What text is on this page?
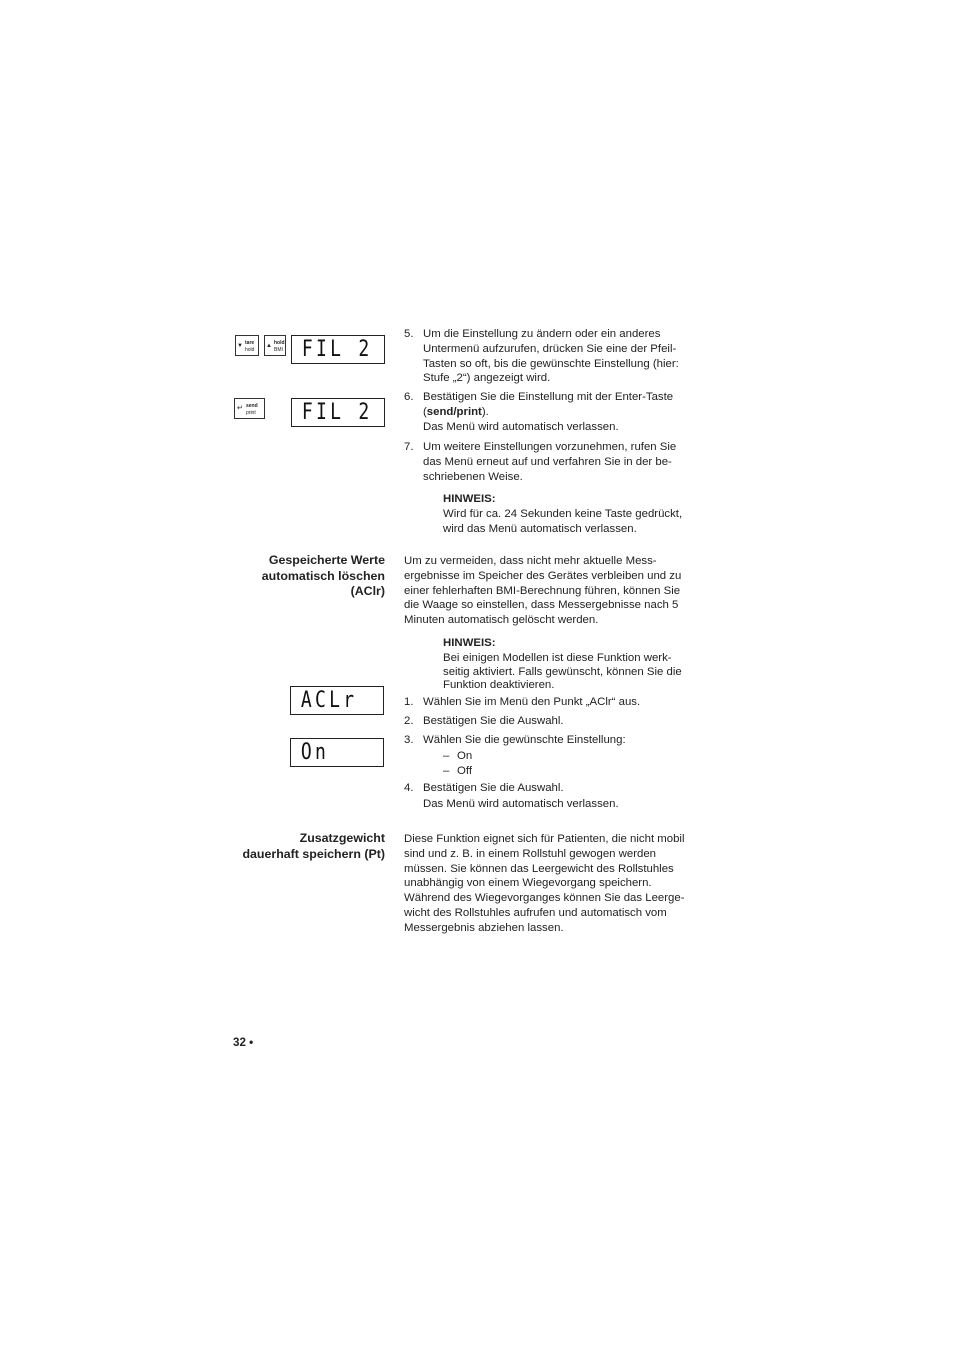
▼ tare
hold
▲ hold
BMI FIL 2
↵ send
print	FIL 2
ACLr
On
5. Um die Einstellung zu ändern oder ein anderes
Untermenü aufzurufen, drücken Sie eine der Pfeil-
Tasten so oft, bis die gewünschte Einstellung (hier:
Stufe „2“) angezeigt wird.
6. Bestätigen Sie die Einstellung mit der Enter-Taste
(send/print).
Das Menü wird automatisch verlassen.
7. Um weitere Einstellungen vorzunehmen, rufen Sie
das Menü erneut auf und verfahren Sie in der be-
schriebenen Weise.
HINWEIS:
Wird für ca. 24 Sekunden keine Taste gedrückt,
wird das Menü automatisch verlassen.
Gespeicherte Werte
automatisch löschen
(AClr)
Um zu vermeiden, dass nicht mehr aktuelle Mess-
ergebnisse im Speicher des Gerätes verbleiben und zu
einer fehlerhaften BMI-Berechnung führen, können Sie
die Waage so einstellen, dass Messergebnisse nach 5
Minuten automatisch gelöscht werden.
HINWEIS:
Bei einigen Modellen ist diese Funktion werk-
seitig aktiviert. Falls gewünscht, können Sie die
Funktion deaktivieren.
1. Wählen Sie im Menü den Punkt „AClr“ aus.
2. Bestätigen Sie die Auswahl.
3. Wählen Sie die gewünschte Einstellung:
– On
– Off
4. Bestätigen Sie die Auswahl.
Das Menü wird automatisch verlassen.
Zusatzgewicht
dauerhaft speichern (Pt)
Diese Funktion eignet sich für Patienten, die nicht mobil
sind und z. B. in einem Rollstuhl gewogen werden
müssen. Sie können das Leergewicht des Rollstuhles
unabhängig von einem Wiegevorgang speichern.
Während des Wiegevorganges können Sie das Leerge-
wicht des Rollstuhles aufrufen und automatisch vom
Messergebnis abziehen lassen.
32 •
